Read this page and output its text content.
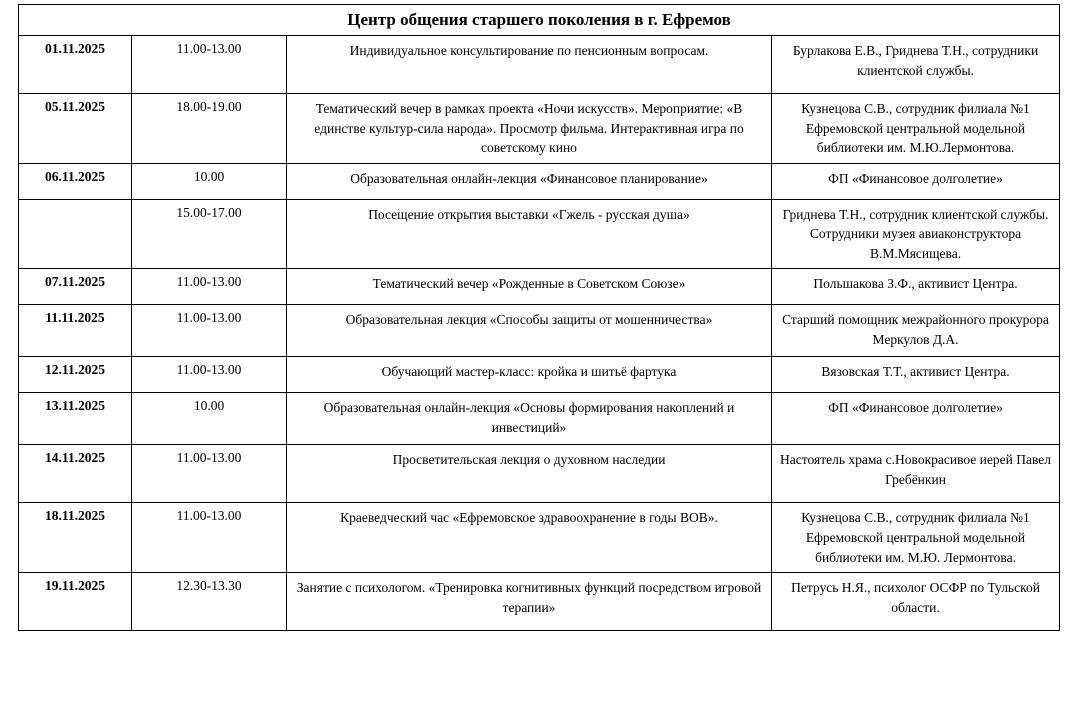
Центр общения старшего поколения в г. Ефремов			
01.11.2025	11.00-13.00	Индивидуальное консультирование по пенсионным вопросам.	Бурлакова Е.В., Гриднева Т.Н., сотрудники клиентской службы.
05.11.2025	18.00-19.00	Тематический вечер в рамках проекта «Ночи искусств». Мероприятие: «В единстве культур-сила народа». Просмотр фильма. Интерактивная игра по советскому кино	Кузнецова С.В., сотрудник филиала №1 Ефремовской центральной модельной библиотеки им. М.Ю.Лермонтова.
06.11.2025	10.00	Образовательная онлайн-лекция «Финансовое планирование»	ФП «Финансовое долголетие»
	15.00-17.00	Посещение открытия выставки «Гжель - русская душа»	Гриднева Т.Н., сотрудник клиентской службы. Сотрудники музея авиаконструктора В.М.Мясищева.
07.11.2025	11.00-13.00	Тематический вечер «Рожденные в Советском Союзе»	Польшакова З.Ф., активист Центра.
11.11.2025	11.00-13.00	Образовательная лекция «Способы защиты от мошенничества»	Старший помощник межрайонного прокурора Меркулов Д.А.
12.11.2025	11.00-13.00	Обучающий мастер-класс: кройка и шитьё фартука	Вязовская Т.Т., активист Центра.
13.11.2025	10.00	Образовательная онлайн-лекция «Основы формирования накоплений и инвестиций»	ФП «Финансовое долголетие»
14.11.2025	11.00-13.00	Просветительская лекция о духовном наследии	Настоятель храма с.Новокрасивое иерей Павел Гребёнкин
18.11.2025	11.00-13.00	Краеведческий час «Ефремовское здравоохранение в годы ВОВ».	Кузнецова С.В., сотрудник филиала №1 Ефремовской центральной модельной библиотеки им. М.Ю. Лермонтова.
19.11.2025	12.30-13.30	Занятие с психологом. «Тренировка когнитивных функций посредством игровой терапии»	Петрусь Н.Я., психолог ОСФР по Тульской области.
